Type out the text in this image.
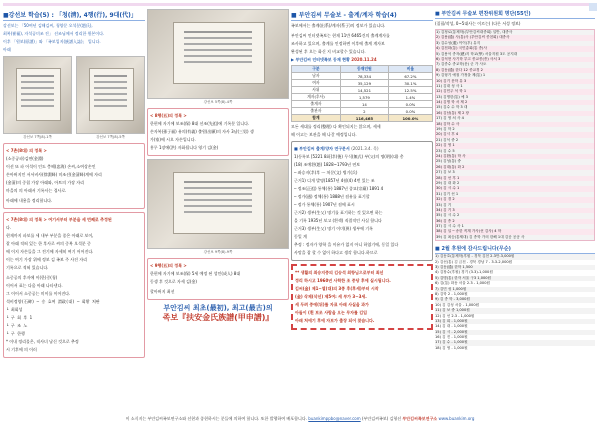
■강선보 학습(5) : 「청(淸), 4행(行), 9대(代)」
강선보는 「50여년 김해김씨, 청양문 오석분(趙氏),
최복(崔福), 자석공미조 진」 선조님께서 정리한 원본이다.
이후 「원보(原譜)」와 「족보입지(族譜入誌)」 입니다.
아래
강선보 7쪽(8)-1쪽	강선보 7쪽(8)-5쪽
< 7촌(8대) 의 정복 >
(소중공파)김연(金淵)
이선 또 파 어석이 인도 충해(忠海) 손씨,소여상손인
손아버지인 서서비사(徐淵婦) 미조선(金淸婦)계에 자리
(金淸)의 중첩 가장 아래와, 아트의 가장 자리
마을의 의 아래서 기록사는 경사로.
아래에 내용을 정리합니다.
< 7촌(8대) 의 정복 > 여기서부터 부분을 세 번째로 추정된
다.
현재까지 파보를 세 내부 부분을 종은 아래로 보이,
잘 아래 적혀 있는 한 후사로 씨의 중복 오석분 중
에 이지 자손들을 그 전기에 자세히 여기 어어진다.
이는 여기 가장 위에 정보 김 족보 주 사진 자리
기록으로 적혀 있습니다.
소중공의 후자에 이(한)중(청)
이어서 표는 다음 아래 나타낸다.
그 이어서 소중공는 미이를 이어진다.
석비정양(石碑) ─ 숭 효여 渭政(대) ─ 회황 처판
└ 최회성
└ 구 회 후 1
└ 구 조 노
└ 구 한행
* 이내 정리물은, 직사녀 남신 것으로 추정
시 기후에 의 이러
강선보 5쪽(8)-4쪽
< 8행(五)의 정복 >
한편에 자기에 보조(保) 8대 선조(先祖)에 기록분 입니다.
손자복(孫子福) 유의(有義) 출원(出願)의 자사 3남(三男) 생
가(家)에 시오 자손입니다.
홍무 1장에(洪) 자화됩니다 영기 김(金)
강선보 9쪽(8)-9쪽
< 9행(五)의 정복 >
한편에 자기에 보조(保) 5세 예정 된 성인(成人) 8대
동생 후 것으로 자세 김(金)
할아버지 최선
부안김씨 최초(最初), 최고(最古)의
족보『扶安金氏族譜(甲申譜)』
■ 부안김씨 무술보 - 출계/계자 학습(4)
족보에서는 출계(出系)/계자(系子)의 정보가 있습니다.
부안김씨 인터넷족보는 현재 11만 6465건의 출계계자를
조사하고 있으며, 출계를 인정하면 이후에 출계 계자보
완성된 후 오는 화신 지 비교할수 있습니다.
▶ 부안김씨 인터넷족보 등재 현황 2020.11.24
구분	등재인원	비율
남자	78,334	67.2%
여자	35,129	30.1%
사위	14,521	12.5%
계자(후사)	1,579	1.4%
출계자	14	0.0%
출관자	2	0.0%
합계	116,465	100.0%
모든 세대를 정리(整理) 다 확인되지는 않으며, 세세
해 이고는 보관을 해 나갈 예정입니다.
■ 부안김씨 출계/양자 연구문서 (2021.3.4. 목)
1)등록보 [5221 8화]후(後) 무식(無式) 부(父)의 명(明)(대) 총
(18) 조예환(趙) 1828~1793년 연보
─ 좌승지(후)후 ㅡ 처문(文) 병기(兵)
근거1) 디개 발명(1857년 4월(4) 4번 있는 조
─ 정조(正祖) 통체(통) 1887년 종묘(宗廟) 1891 4
─ 정가(通) 정체(통) 1888년 점유를 표기할
─ 정가 통체(통) 1907년 점에 표시
근거2) 생부(生父) 명기를 표기하는 것 있으면 하는
을 기록 1935년 보고 (흰색) 직접적인 사실 합니다
근거3) 생부(生父) 명기 이미(異) 생부에 기록
동일 계
추정 : 정자가 양학 을 이유가 없지 아니 하였기에, 동일 있다
사망을 잡 할 수 없이 하다고 생각 합니다.하므로
** 생활의 최승지중의 김승석 최항님으로부터 최선
정리 하시고 1960년 사학한 조 중당 후에 실시됩니다.
김씨(金) 제1~열(대)의 3종 후(후세)부터 시작
(金) 삭제(삭선) 제5여: 세 부가 3~3세.
세 두려 중에(뒤)를 자료 아래 사실을 과가
아들이 (흰 보조 사람을 오는 무자를 김입
아래 처에기 후에 자보가 출장 되어 찾습니다.
■ 부안김씨 무술보 편찬위원회 명단(55인)
(집필/작성, 0~5대사는 이르는) (다른 서성 정보)
1) 김정로(통제학)(부안김씨대종회) 일반, 대종사
2) 김용(通) 사(통)사 (부안김씨 종친회) 대종사
3) 김수성(通) 이이(후) 유지
4) 김천화(통) 국민총회(통 종)사
5) 김용석 종자(總)지 학교(學) 서울지원 3도 공지대
6) 김석현 사기학 부고 종교종(종) 사서 3
7) 김종수 종교학(문) 군 가 사오
8) 김동(通) 한다 12 종교경 2
9) 김형기 예절 가정을 제(통) 1
10) 김기 문학 유 3
11) 김대 성 사 1
12) 김민주 석 학 1
13) 김명한(통) 예 3
14) 김명 학 서 제 2
15) 김수 수 학 3 대
16) 김남(통) 제 2 장
17) 김 영 처 사 4
18) 김학 수 사
19) 김 학 2
20) 김시 후 4
21) 김석 중 2
22) 김 영 1
23) 김 수 5
24) 김환(통) 학 사
25) 김성(통) 중
26) 김대(통) 화 2
27) 김 보 3
28) 김 선 후 1
29) 김 대 화 2
30) 김 시 수 1
31) 김기 선 1
32) 김 경 2
33) 김 기
34) 김 기 3
35) 김 시 수 2
36) 김 종 2
37) 김 시 수 사 1
38) 김 일 ─ 송한 직계 가사(선 김사) 4 학
39) 김 최승(통제대) 김 종학 가의 한해 1대 김공 공공 사
■ 2월 후원에 감사드립니다(무순)
1) 김동호(통제학)후원 - 경북 김천 2.3만-3,000원
2) 김선(통) 김 금천 - 경북 경남 7 - 3.3-2,000원
3) 김동(通) 한학 1,500
4) 김장수(후원) 경기 (3.3)-1,000원
5) 김명(통) 한자 서울 구3 1,000원
6) 김(통) 화동 서울 2.3 - 1,000원
7) 김민 성 1,000원
8) 김학 2 - 1,000원
9) 김 종 학 - 3,000원
10) 김 김성 서울 - 1,000원
11) 김 보 중 1,000원
12) 김 선 2.3 - 1,000원
13) 김 희 - 1,000원
14) 김 대 - 1,000원
15) 김 시 - 2,000원
16) 김 진 - 1,000원
17) 김 수 - 1,000원
18) 김 영 - 1,000원
이 소식지는 부안김씨족보연구소와 선현과 종현하시는 분들에 의하여 합니다. 또한 발행하여 배포합니다. buankimppbo@naver.com (부안김씨족보) 김형선 부안김씨족보연구소 www.buankim.org
